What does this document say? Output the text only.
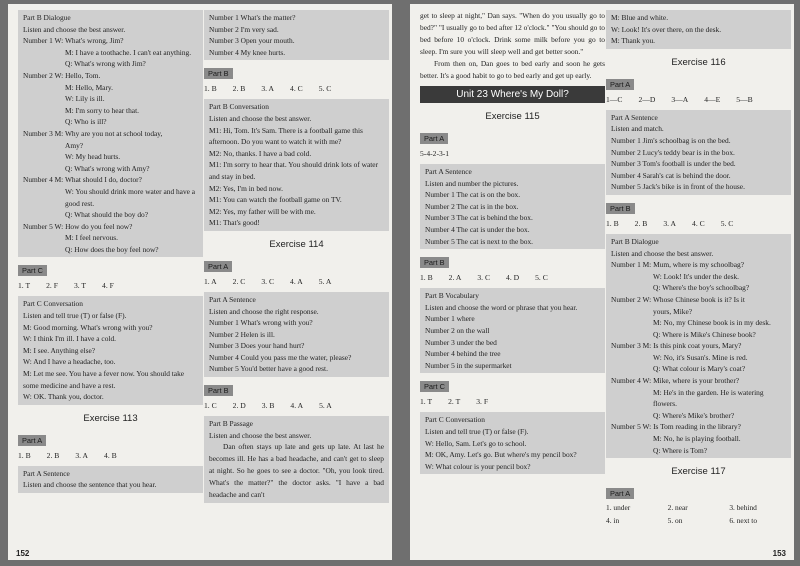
Part B Dialogue
Listen and choose the best answer.
Number 1 W: What's wrong, Jim?
M: I have a toothache. I can't eat anything.
Q: What's wrong with Jim?
Number 2 W: Hello, Tom.
M: Hello, Mary.
W: Lily is ill.
M: I'm sorry to hear that.
Q: Who is ill?
Number 3 M: Why are you not at school today,
Amy?
W: My head hurts.
Q: What's wrong with Amy?
Number 4 M: What should I do, doctor?
W: You should drink more water and have a good rest.
Q: What should the boy do?
Number 5 W: How do you feel now?
M: I feel nervous.
Q: How does the boy feel now?
Part C
1. T 2. F 3. T 4. F
Part C Conversation
Listen and tell true (T) or false (F).
M: Good morning. What's wrong with you?
W: I think I'm ill. I have a cold.
M: I see. Anything else?
W: And I have a headache, too.
M: Let me see. You have a fever now. You should take some medicine and have a rest.
W: OK. Thank you, doctor.
Exercise 113
Part A
1. B 2. B 3. A 4. B
Part A Sentence
Listen and choose the sentence that you hear.
Number 1 What's the matter?
Number 2 I'm very sad.
Number 3 Open your mouth.
Number 4 My knee hurts.
Part B
1. B 2. B 3. A 4. C 5. C
Part B Conversation
Listen and choose the best answer.
M1: Hi, Tom. It's Sam. There is a football game this afternoon. Do you want to watch it with me?
M2: No, thanks. I have a bad cold.
M1: I'm sorry to hear that. You should drink lots of water and stay in bed.
M2: Yes, I'm in bed now.
M1: You can watch the football game on TV.
M2: Yes, my father will be with me.
M1: That's good!
Exercise 114
Part A
1. A 2. C 3. C 4. A 5. A
Part A Sentence
Listen and choose the right response.
Number 1 What's wrong with you?
Number 2 Helen is ill.
Number 3 Does your hand hurt?
Number 4 Could you pass me the water, please?
Number 5 You'd better have a good rest.
Part B
1. C 2. D 3. B 4. A 5. A
Part B Passage
Listen and choose the best answer.
Dan often stays up late and gets up late. At last he becomes ill. He has a bad headache, and can't get to sleep at night. So he goes to see a doctor. "Oh, you look tired. What's the matter?" the doctor asks. "I have a bad headache and can't
152
get to sleep at night," Dan says. "When do you usually go to bed?" "I usually go to bed after 12 o'clock." "You should go to bed before 10 o'clock. Drink some milk before you go to sleep. I'm sure you will sleep well and get better soon."
From then on, Dan goes to bed early and soon he gets better. It's a good habit to go to bed early and get up early.
Unit 23 Where's My Doll?
Exercise 115
Part A
5-4-2-3-1
Part A Sentence
Listen and number the pictures.
Number 1 The cat is on the box.
Number 2 The cat is in the box.
Number 3 The cat is behind the box.
Number 4 The cat is under the box.
Number 5 The cat is next to the box.
Part B
1. B 2. A 3. C 4. D 5. C
Part B Vocabulary
Listen and choose the word or phrase that you hear.
Number 1 where
Number 2 on the wall
Number 3 under the bed
Number 4 behind the tree
Number 5 in the supermarket
Part C
1. T 2. T 3. F
Part C Conversation
Listen and tell true (T) or false (F).
W: Hello, Sam. Let's go to school.
M: OK, Amy. Let's go. But where's my pencil box?
W: What colour is your pencil box?
M: Blue and white.
W: Look! It's over there, on the desk.
M: Thank you.
Exercise 116
Part A
1—C 2—D 3—A 4—E 5—B
Part A Sentence
Listen and match.
Number 1 Jim's schoolbag is on the bed.
Number 2 Lucy's teddy bear is in the box.
Number 3 Tom's football is under the bed.
Number 4 Sarah's cat is behind the door.
Number 5 Jack's bike is in front of the house.
Part B
1. B 2. B 3. A 4. C 5. C
Part B Dialogue
Listen and choose the best answer.
Number 1 M: Mum, where is my schoolbag?
W: Look! It's under the desk.
Q: Where's the boy's schoolbag?
Number 2 W: Whose Chinese book is it? Is it
yours, Mike?
M: No, my Chinese book is in my desk.
Q: Where is Mike's Chinese book?
Number 3 M: Is this pink coat yours, Mary?
W: No, it's Susan's. Mine is red.
Q: What colour is Mary's coat?
Number 4 W: Mike, where is your brother?
M: He's in the garden. He is watering flowers.
Q: Where's Mike's brother?
Number 5 W: Is Tom reading in the library?
M: No, he is playing football.
Q: Where is Tom?
Exercise 117
Part A
1. under	2. near	3. behind
4. in	5. on	6. next to
153
